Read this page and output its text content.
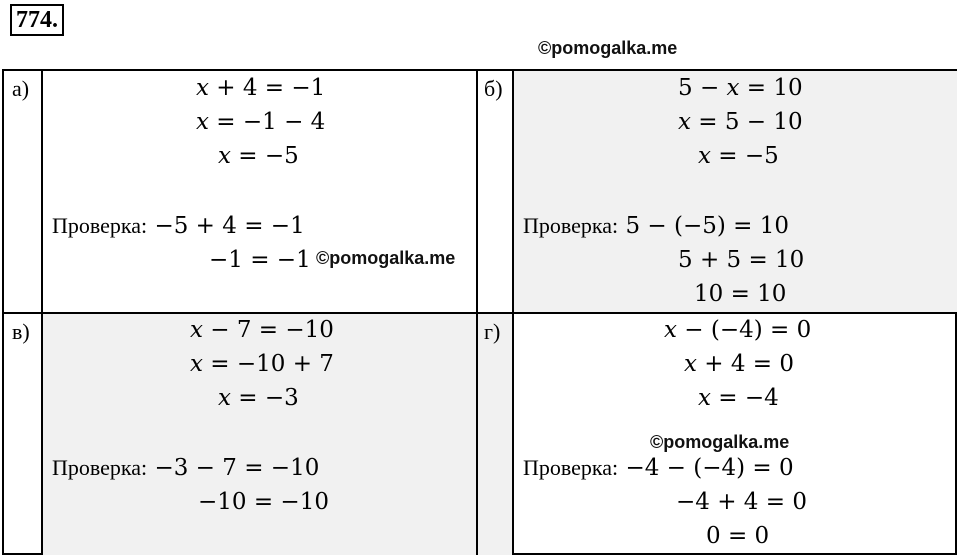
774.
©pomogalka.me
а)	𝑥 + 4 = −1
𝑥 = −1 − 4
𝑥 = −5
Проверка: −5 + 4 = −1
−1 = −1
б)	5 − 𝑥 = 10
𝑥 = 5 − 10
𝑥 = −5
Проверка: 5 − (−5) = 10
5 + 5 = 10
10 = 10
в)	𝑥 − 7 = −10
𝑥 = −10 + 7
𝑥 = −3
Проверка: −3 − 7 = −10
−10 = −10
г)	𝑥 − (−4) = 0
𝑥 + 4 = 0
𝑥 = −4
Проверка: −4 − (−4) = 0
−4 + 4 = 0
0 = 0
©pomogalka.me
©pomogalka.me
